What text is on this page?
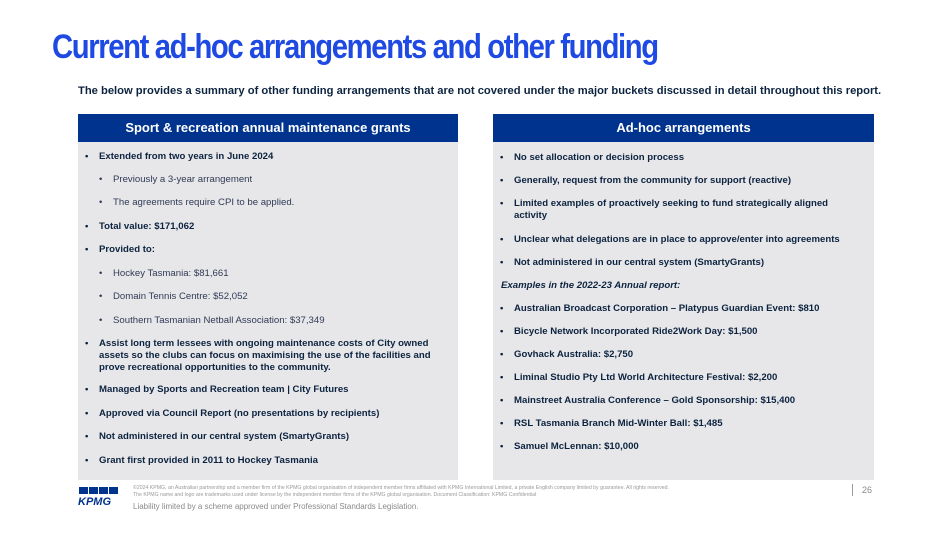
Current ad-hoc arrangements and other funding
The below provides a summary of other funding arrangements that are not covered under the major buckets discussed in detail throughout this report.
Sport & recreation annual maintenance grants
• Extended from two years in June 2024
• Previously a 3-year arrangement
• The agreements require CPI to be applied.
• Total value: $171,062
• Provided to:
• Hockey Tasmania: $81,661
• Domain Tennis Centre: $52,052
• Southern Tasmanian Netball Association: $37,349
• Assist long term lessees with ongoing maintenance costs of City owned assets so the clubs can focus on maximising the use of the facilities and prove recreational opportunities to the community.
• Managed by Sports and Recreation team | City Futures
• Approved via Council Report (no presentations by recipients)
• Not administered in our central system (SmartyGrants)
• Grant first provided in 2011 to Hockey Tasmania
Ad-hoc arrangements
• No set allocation or decision process
• Generally, request from the community for support (reactive)
• Limited examples of proactively seeking to fund strategically aligned activity
• Unclear what delegations are in place to approve/enter into agreements
• Not administered in our central system (SmartyGrants)
Examples in the 2022-23 Annual report:
• Australian Broadcast Corporation – Platypus Guardian Event: $810
• Bicycle Network Incorporated Ride2Work Day: $1,500
• Govhack Australia: $2,750
• Liminal Studio Pty Ltd World Architecture Festival: $2,200
• Mainstreet Australia Conference – Gold Sponsorship: $15,400
• RSL Tasmania Branch Mid-Winter Ball: $1,485
• Samuel McLennan: $10,000
KPMG
©2024 KPMG, an Australian partnership and a member firm of the KPMG global organisation of independent member firms affiliated with KPMG International Limited, a private English company limited by guarantee. All rights reserved.
The KPMG name and logo are trademarks used under license by the independent member firms of the KPMG global organisation. Document Classification: KPMG Confidential
Liability limited by a scheme approved under Professional Standards Legislation.
26
